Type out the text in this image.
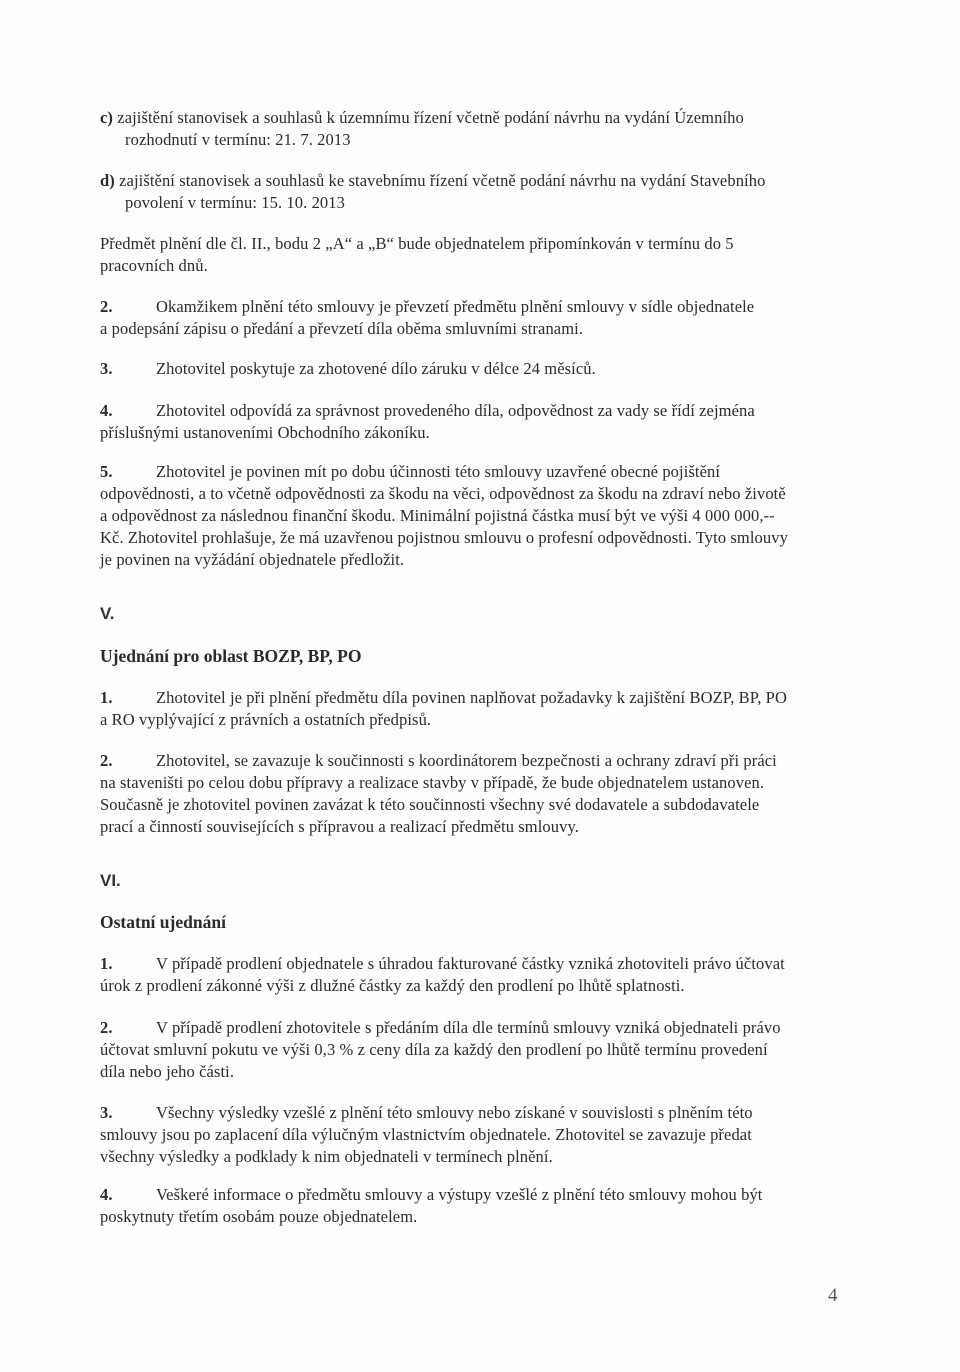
c) zajištění stanovisek a souhlasů k územnímu řízení včetně podání návrhu na vydání Územního

rozhodnutí v termínu: 21. 7. 2013

d) zajištění stanovisek a souhlasů ke stavebnímu řízení včetně podání návrhu na vydání Stavebního

povolení v termínu: 15. 10. 2013

Předmět plnění dle čl. II., bodu 2 „A“ a „B“ bude objednatelem připomínkován v termínu do 5

pracovních dnů.

2.	Okamžikem plnění této smlouvy je převzetí předmětu plnění smlouvy v sídle objednatele

a podepsání zápisu o předání a převzetí díla oběma smluvními stranami.

3.	Zhotovitel poskytuje za zhotovené dílo záruku v délce 24 měsíců.

4.	Zhotovitel odpovídá za správnost provedeného díla, odpovědnost za vady se řídí zejména

příslušnými ustanoveními Obchodního zákoníku.

5.	Zhotovitel je povinen mít po dobu účinnosti této smlouvy uzavřené obecné pojištění

odpovědnosti, a to včetně odpovědnosti za škodu na věci, odpovědnost za škodu na zdraví nebo životě

a odpovědnost za následnou finanční škodu. Minimální pojistná částka musí být ve výši 4 000 000,--

Kč. Zhotovitel prohlašuje, že má uzavřenou pojistnou smlouvu o profesní odpovědnosti. Tyto smlouvy

je povinen na vyžádání objednatele předložit.

V.
Ujednání pro oblast BOZP, BP, PO

1.	Zhotovitel je při plnění předmětu díla povinen naplňovat požadavky k zajištění BOZP, BP, PO

a RO vyplývající z právních a ostatních předpisů.

2.	Zhotovitel, se zavazuje k součinnosti s koordinátorem bezpečnosti a ochrany zdraví při práci

na staveništi po celou dobu přípravy a realizace stavby v případě, že bude objednatelem ustanoven.

Současně je zhotovitel povinen zavázat k této součinnosti všechny své dodavatele a subdodavatele

prací a činností souvisejících s přípravou a realizací předmětu smlouvy.

VI.
Ostatní ujednání

1.	V případě prodlení objednatele s úhradou fakturované částky vzniká zhotoviteli právo účtovat

úrok z prodlení zákonné výši z dlužné částky za každý den prodlení po lhůtě splatnosti.

2.	V případě prodlení zhotovitele s předáním díla dle termínů smlouvy vzniká objednateli právo

účtovat smluvní pokutu ve výši 0,3 % z ceny díla za každý den prodlení po lhůtě termínu provedení

díla nebo jeho části.

3.	Všechny výsledky vzešlé z plnění této smlouvy nebo získané v souvislosti s plněním této

smlouvy jsou po zaplacení díla výlučným vlastnictvím objednatele. Zhotovitel se zavazuje předat

všechny výsledky a podklady k nim objednateli v termínech plnění.

4.	Veškeré informace o předmětu smlouvy a výstupy vzešlé z plnění této smlouvy mohou být

poskytnuty třetím osobám pouze objednatelem.

4
